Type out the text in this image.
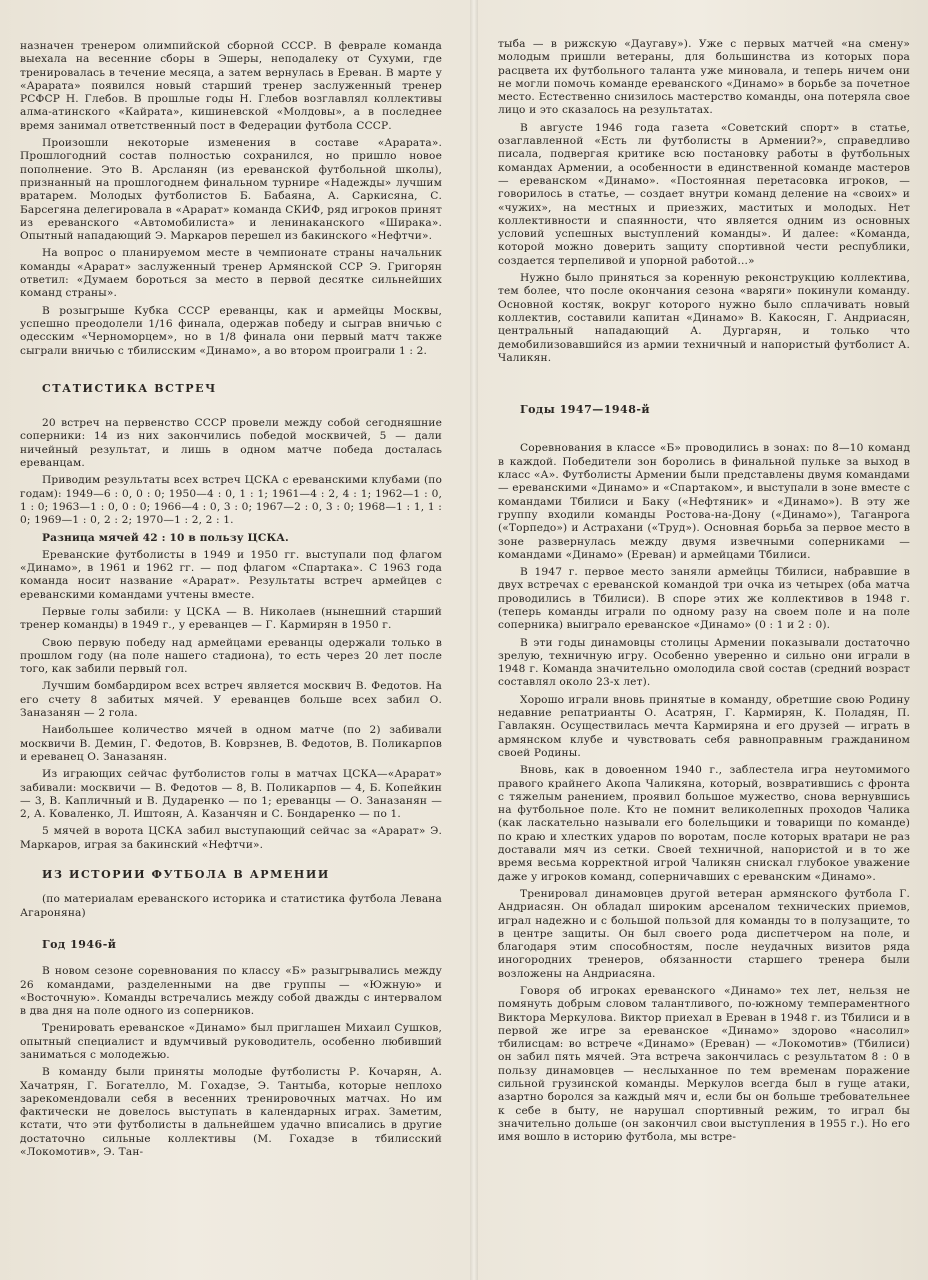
назначен тренером олимпийской сборной СССР. В феврале команда выехала на весенние сборы в Эшеры, неподалеку от Сухуми, где тренировалась в течение месяца, а затем вернулась в Ереван. В марте у «Арарата» появился новый старший тренер заслуженный тренер РСФСР Н. Глебов. В прошлые годы Н. Глебов возглавлял коллективы алма-атинского «Кайрата», кишиневской «Молдовы», а в последнее время занимал ответственный пост в Федерации футбола СССР.

Произошли некоторые изменения в составе «Арарата». Прошлогодний состав полностью сохранился, но пришло новое пополнение. Это В. Арсланян (из ереванской футбольной школы), признанный на прошлогоднем финальном турнире «Надежды» лучшим вратарем. Молодых футболистов Б. Бабаяна, А. Саркисяна, С. Барсегяна делегировала в «Арарат» команда СКИФ, ряд игроков принят из ереванского «Автомобилиста» и ленинаканского «Ширака». Опытный нападающий Э. Маркаров перешел из бакинского «Нефтчи».

На вопрос о планируемом месте в чемпионате страны начальник команды «Арарат» заслуженный тренер Армянской ССР Э. Григорян ответил: «Думаем бороться за место в первой десятке сильнейших команд страны».

В розыгрыше Кубка СССР ереванцы, как и армейцы Москвы, успешно преодолели 1/16 финала, одержав победу и сыграв вничью с одесским «Черноморцем», но в 1/8 финала они первый матч также сыграли вничью с тбилисским «Динамо», а во втором проиграли 1 : 2.

СТАТИСТИКА ВСТРЕЧ

20 встреч на первенство СССР провели между собой сегодняшние соперники: 14 из них закончились победой москвичей, 5 — дали ничейный результат, и лишь в одном матче победа досталась ереванцам.

Приводим результаты всех встреч ЦСКА с ереванскими клубами (по годам): 1949—6 : 0, 0 : 0; 1950—4 : 0, 1 : 1; 1961—4 : 2, 4 : 1; 1962—1 : 0, 1 : 0; 1963—1 : 0, 0 : 0; 1966—4 : 0, 3 : 0; 1967—2 : 0, 3 : 0; 1968—1 : 1, 1 : 0; 1969—1 : 0, 2 : 2; 1970—1 : 2, 2 : 1.

Разница мячей 42 : 10 в пользу ЦСКА.

Ереванские футболисты в 1949 и 1950 гг. выступали под флагом «Динамо», в 1961 и 1962 гг. — под флагом «Спартака». С 1963 года команда носит название «Арарат». Результаты встреч армейцев с ереванскими командами учтены вместе.

Первые голы забили: у ЦСКА — В. Николаев (нынешний старший тренер команды) в 1949 г., у ереванцев — Г. Кармирян в 1950 г.

Свою первую победу над армейцами ереванцы одержали только в прошлом году (на поле нашего стадиона), то есть через 20 лет после того, как забили первый гол.

Лучшим бомбардиром всех встреч является москвич В. Федотов. На его счету 8 забитых мячей. У ереванцев больше всех забил О. Заназанян — 2 гола.

Наибольшее количество мячей в одном матче (по 2) забивали москвичи В. Демин, Г. Федотов, В. Коврзнев, В. Федотов, В. Поликарпов и ереванец О. Заназанян.

Из играющих сейчас футболистов голы в матчах ЦСКА—«Арарат» забивали: москвичи — В. Федотов — 8, В. Поликарпов — 4, Б. Копейкин — 3, В. Капличный и В. Дударенко — по 1; ереванцы — О. Заназанян — 2, А. Коваленко, Л. Иштоян, А. Казанчян и С. Бондаренко — по 1.

5 мячей в ворота ЦСКА забил выступающий сейчас за «Арарат» Э. Маркаров, играя за бакинский «Нефтчи».

ИЗ ИСТОРИИ ФУТБОЛА В АРМЕНИИ

(по материалам ереванского историка и статистика футбола Левана Агароняна)

Год 1946-й

В новом сезоне соревнования по классу «Б» разыгрывались между 26 командами, разделенными на две группы — «Южную» и «Восточную». Команды встречались между собой дважды с интервалом в два дня на поле одного из соперников.

Тренировать ереванское «Динамо» был приглашен Михаил Сушков, опытный специалист и вдумчивый руководитель, особенно любивший заниматься с молодежью.

В команду были приняты молодые футболисты Р. Кочарян, А. Хачатрян, Г. Богателло, М. Гохадзе, Э. Тантыба, которые неплохо зарекомендовали себя в весенних тренировочных матчах. Но им фактически не довелось выступать в календарных играх. Заметим, кстати, что эти футболисты в дальнейшем удачно вписались в другие достаточно сильные коллективы (М. Гохадзе в тбилисский «Локомотив», Э. Тан-

тыба — в рижскую «Даугаву»). Уже с первых матчей «на смену» молодым пришли ветераны, для большинства из которых пора расцвета их футбольного таланта уже миновала, и теперь ничем они не могли помочь команде ереванского «Динамо» в борьбе за почетное место. Естественно снизилось мастерство команды, она потеряла свое лицо и это сказалось на результатах.

В августе 1946 года газета «Советский спорт» в статье, озаглавленной «Есть ли футболисты в Армении?», справедливо писала, подвергая критике всю постановку работы в футбольных командах Армении, а особенности в единственной команде мастеров — ереванском «Динамо». «Постоянная перетасовка игроков, — говорилось в статье, — создает внутри команд деление на «своих» и «чужих», на местных и приезжих, маститых и молодых. Нет коллективности и спаянности, что является одним из основных условий успешных выступлений команды». И далее: «Команда, которой можно доверить защиту спортивной чести республики, создается терпеливой и упорной работой...»

Нужно было приняться за коренную реконструкцию коллектива, тем более, что после окончания сезона «варяги» покинули команду. Основной костяк, вокруг которого нужно было сплачивать новый коллектив, составили капитан «Динамо» В. Какосян, Г. Андриасян, центральный нападающий А. Дургарян, и только что демобилизовавшийся из армии техничный и напористый футболист А. Чаликян.

Годы 1947—1948-й

Соревнования в классе «Б» проводились в зонах: по 8—10 команд в каждой. Победители зон боролись в финальной пульке за выход в класс «А». Футболисты Армении были представлены двумя командами — ереванскими «Динамо» и «Спартаком», и выступали в зоне вместе с командами Тбилиси и Баку («Нефтяник» и «Динамо»). В эту же группу входили команды Ростова-на-Дону («Динамо»), Таганрога («Торпедо») и Астрахани («Труд»). Основная борьба за первое место в зоне развернулась между двумя извечными соперниками — командами «Динамо» (Ереван) и армейцами Тбилиси.

В 1947 г. первое место заняли армейцы Тбилиси, набравшие в двух встречах с ереванской командой три очка из четырех (оба матча проводились в Тбилиси). В споре этих же коллективов в 1948 г. (теперь команды играли по одному разу на своем поле и на поле соперника) выиграло ереванское «Динамо» (0 : 1 и 2 : 0).

В эти годы динамовцы столицы Армении показывали достаточно зрелую, техничную игру. Особенно уверенно и сильно они играли в 1948 г. Команда значительно омолодила свой состав (средний возраст составлял около 23-х лет).

Хорошо играли вновь принятые в команду, обретшие свою Родину недавние репатрианты О. Асатрян, Г. Кармирян, К. Поладян, П. Гавлакян. Осуществилась мечта Кармиряна и его друзей — играть в армянском клубе и чувствовать себя равноправным гражданином своей Родины.

Вновь, как в довоенном 1940 г., заблестела игра неутомимого правого крайнего Акопа Чаликяна, который, возвратившись с фронта с тяжелым ранением, проявил большое мужество, снова вернувшись на футбольное поле. Кто не помнит великолепных проходов Чалика (как ласкательно называли его болельщики и товарищи по команде) по краю и хлестких ударов по воротам, после которых вратари не раз доставали мяч из сетки. Своей техничной, напористой и в то же время весьма корректной игрой Чаликян снискал глубокое уважение даже у игроков команд, соперничавших с ереванским «Динамо».

Тренировал динамовцев другой ветеран армянского футбола Г. Андриасян. Он обладал широким арсеналом технических приемов, играл надежно и с большой пользой для команды то в полузащите, то в центре защиты. Он был своего рода диспетчером на поле, и благодаря этим способностям, после неудачных визитов ряда иногородних тренеров, обязанности старшего тренера были возложены на Андриасяна.

Говоря об игроках ереванского «Динамо» тех лет, нельзя не помянуть добрым словом талантливого, по-южному темпераментного Виктора Меркулова. Виктор приехал в Ереван в 1948 г. из Тбилиси и в первой же игре за ереванское «Динамо» здорово «насолил» тбилисцам: во встрече «Динамо» (Ереван) — «Локомотив» (Тбилиси) он забил пять мячей. Эта встреча закончилась с результатом 8 : 0 в пользу динамовцев — неслыханное по тем временам поражение сильной грузинской команды. Меркулов всегда был в гуще атаки, азартно боролся за каждый мяч и, если бы он больше требовательнее к себе в быту, не нарушал спортивный режим, то играл бы значительно дольше (он закончил свои выступления в 1955 г.). Но его имя вошло в историю футбола, мы встре-
